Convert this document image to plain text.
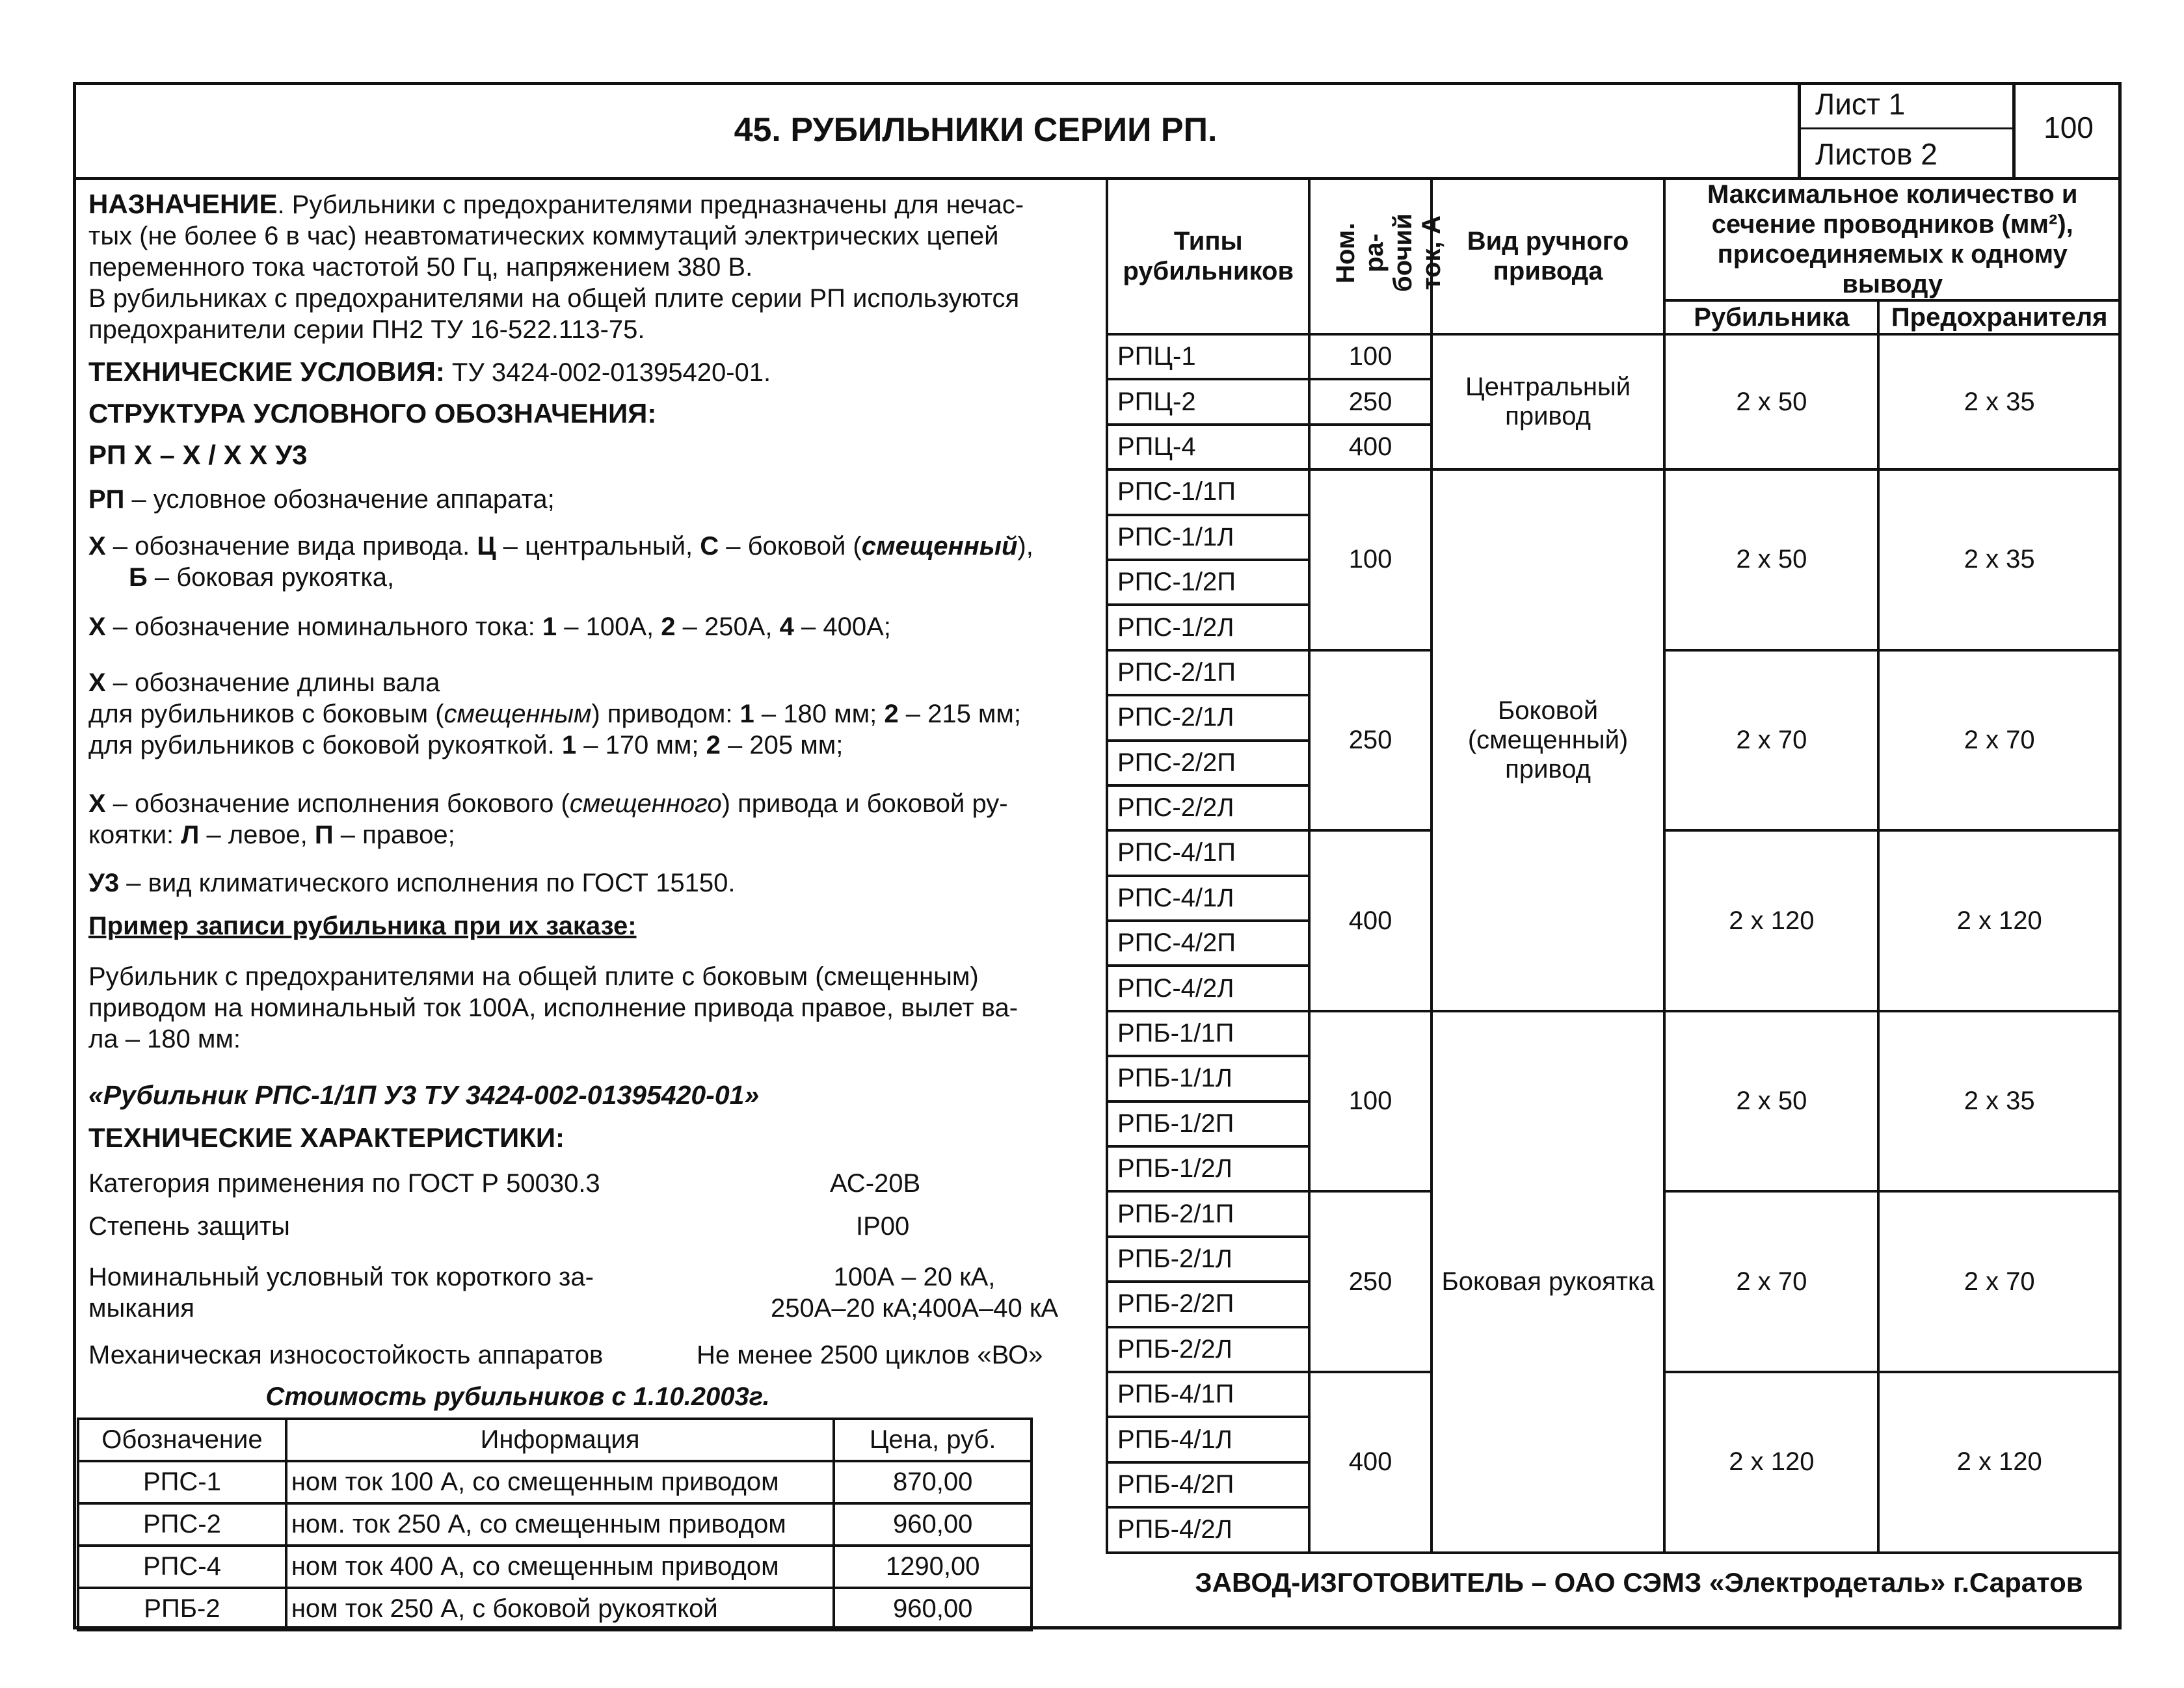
45. РУБИЛЬНИКИ СЕРИИ РП.
Лист 1
Листов 2
100
НАЗНАЧЕНИЕ. Рубильники с предохранителями предназначены для нечас-
тых (не более 6 в час) неавтоматических коммутаций электрических цепей
переменного тока частотой 50 Гц, напряжением 380 В.
В рубильниках с предохранителями на общей плите серии РП используются
предохранители серии ПН2 ТУ 16-522.113-75.
ТЕХНИЧЕСКИЕ УСЛОВИЯ: ТУ 3424-002-01395420-01.
СТРУКТУРА УСЛОВНОГО ОБОЗНАЧЕНИЯ:
РП Х – Х / Х Х У3
РП – условное обозначение аппарата;
Х – обозначение вида привода. Ц – центральный, С – боковой (смещенный),
Б – боковая рукоятка,
Х – обозначение номинального тока: 1 – 100А, 2 – 250А, 4 – 400А;
Х – обозначение длины вала
для рубильников с боковым (смещенным) приводом: 1 – 180 мм; 2 – 215 мм;
для рубильников с боковой рукояткой. 1 – 170 мм; 2 – 205 мм;
Х – обозначение исполнения бокового (смещенного) привода и боковой ру-
коятки: Л – левое, П – правое;
У3 – вид климатического исполнения по ГОСТ 15150.
Пример записи рубильника при их заказе:
Рубильник с предохранителями на общей плите с боковым (смещенным)
приводом на номинальный ток 100А, исполнение привода правое, вылет ва-
ла – 180 мм:
«Рубильник РПС-1/1П У3 ТУ 3424-002-01395420-01»
ТЕХНИЧЕСКИЕ ХАРАКТЕРИСТИКИ:
Категория применения по ГОСТ Р 50030.3	АС-20В
Степень защиты	IP00
Номинальный условный ток короткого за-
мыкания
100А – 20 кА,
250А–20 кА;400А–40 кА
Механическая износостойкость аппаратов	Не менее 2500 циклов «ВО»
Стоимость рубильников с 1.10.2003г.
Обозначение	Информация	Цена, руб.
РПС-1	ном ток 100 А, со смещенным приводом	870,00
РПС-2	ном. ток 250 А, со смещенным приводом	960,00
РПС-4	ном ток 400 А, со смещенным приводом	1290,00
РПБ-2	ном ток 250 А, с боковой рукояткой	960,00
Типы рубильников	Ном. ра- бочий ток, А	Вид ручного привода	Максимальное количество и сечение проводников (мм²), присоединяемых к одному выводу	
			Рубильника	Предохранителя
РПЦ-1	100	Центральный привод	2 x 50	2 x 35
РПЦ-2	250			
РПЦ-4	400			
РПС-1/1П	100	Боковой (смещенный) привод	2 x 50	2 x 35
РПС-1/1Л				
РПС-1/2П				
РПС-1/2Л				
РПС-2/1П	250		2 x 70	2 x 70
РПС-2/1Л				
РПС-2/2П				
РПС-2/2Л				
РПС-4/1П	400		2 x 120	2 x 120
РПС-4/1Л				
РПС-4/2П				
РПС-4/2Л				
РПБ-1/1П	100	Боковая рукоятка	2 x 50	2 x 35
РПБ-1/1Л				
РПБ-1/2П				
РПБ-1/2Л				
РПБ-2/1П	250		2 x 70	2 x 70
РПБ-2/1Л				
РПБ-2/2П				
РПБ-2/2Л				
РПБ-4/1П	400		2 x 120	2 x 120
РПБ-4/1Л				
РПБ-4/2П				
РПБ-4/2Л				
ЗАВОД-ИЗГОТОВИТЕЛЬ – ОАО СЭМЗ «Электродеталь» г.Саратов
